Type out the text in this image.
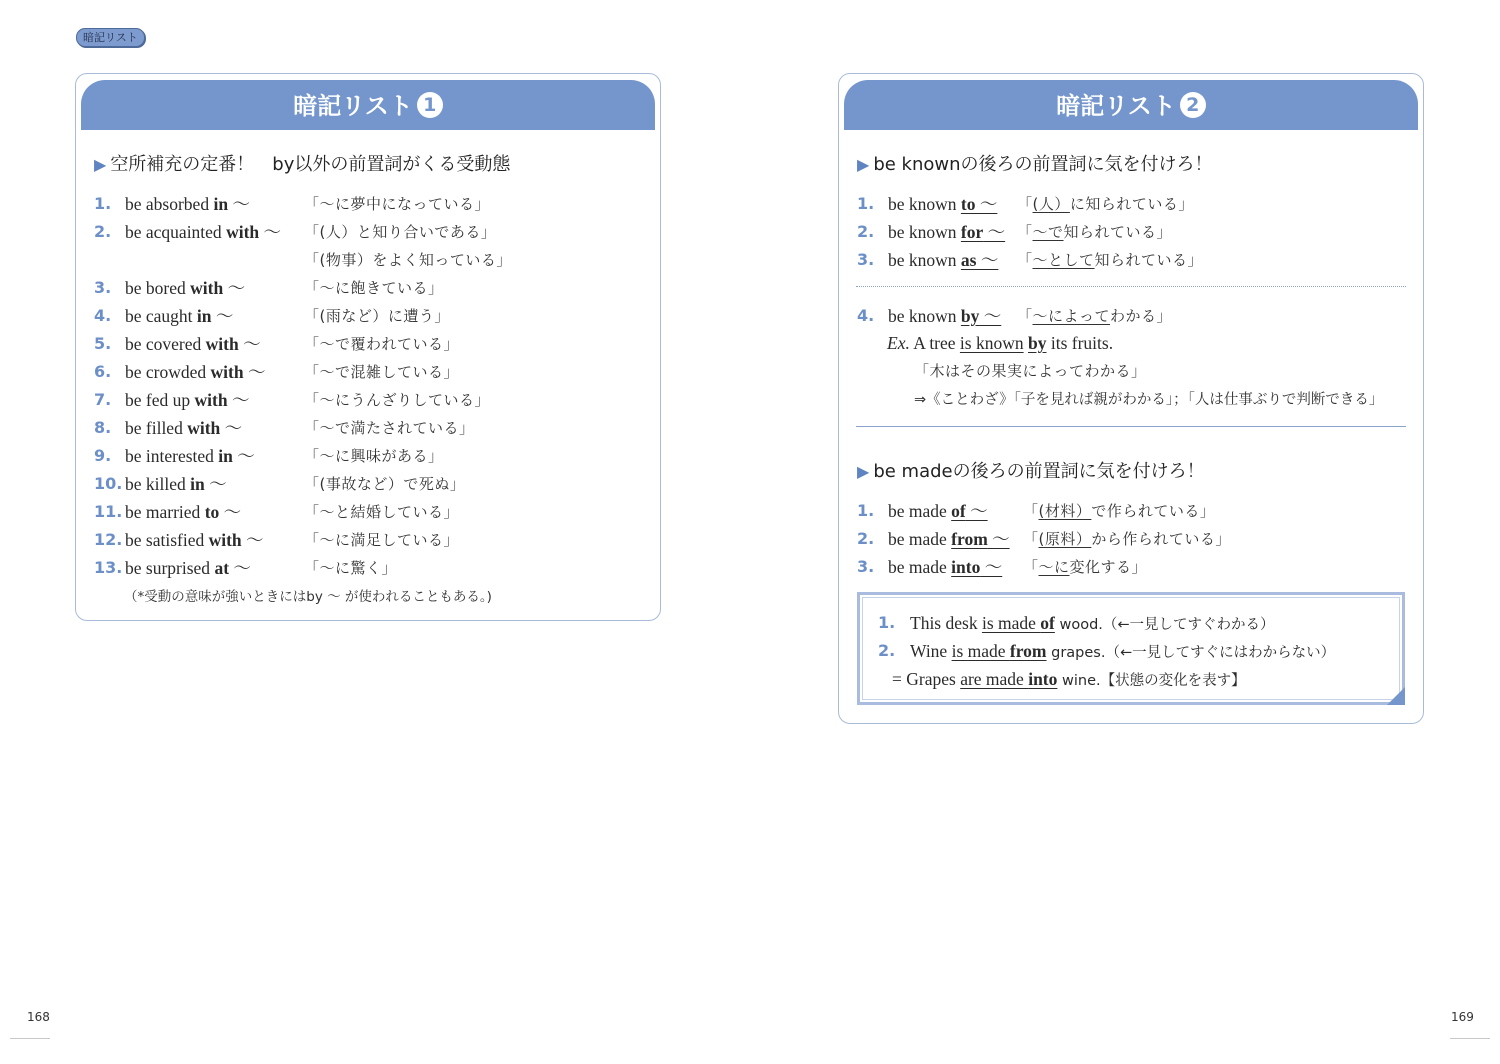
暗記リスト
暗記リスト 1
▶ 空所補充の定番！　by以外の前置詞がくる受動態
1. be absorbed in ～	「～に夢中になっている」
2. be acquainted with ～ 「(人）と知り合いである」
「(物事）をよく知っている」
3. be bored with ～	「～に飽きている」
4. be caught in ～	「(雨など）に遭う」
5. be covered with ～	「～で覆われている」
6. be crowded with ～	「～で混雑している」
7. be fed up with ～	「～にうんざりしている」
8. be filled with ～	「～で満たされている」
9. be interested in ～	「～に興味がある」
10. be killed in ～	「(事故など）で死ぬ」
11. be married to ～	「～と結婚している」
12. be satisfied with ～	「～に満足している」
13. be surprised at ～	「～に驚く」
（*受動の意味が強いときにはby ～ が使われることもある。)
暗記リスト 2
▶ be knownの後ろの前置詞に気を付けろ！
1. be known to ～ 「(人）に知られている」
2. be known for ～ 「～で知られている」
3. be known as ～ 「～として知られている」
4. be known by ～ 「～によってわかる」
Ex. A tree is known by its fruits.
「木はその果実によってわかる」
⇒《ことわざ》「子を見れば親がわかる」；「人は仕事ぶりで判断できる」
▶ be madeの後ろの前置詞に気を付けろ！
1. be made of ～ 「(材料）で作られている」
2. be made from ～ 「(原料）から作られている」
3. be made into ～ 「～に変化する」
1. This desk is made of wood.（←一見してすぐわかる）
2. Wine is made from grapes.（←一見してすぐにはわからない）
= Grapes are made into wine.【状態の変化を表す】
168	169
